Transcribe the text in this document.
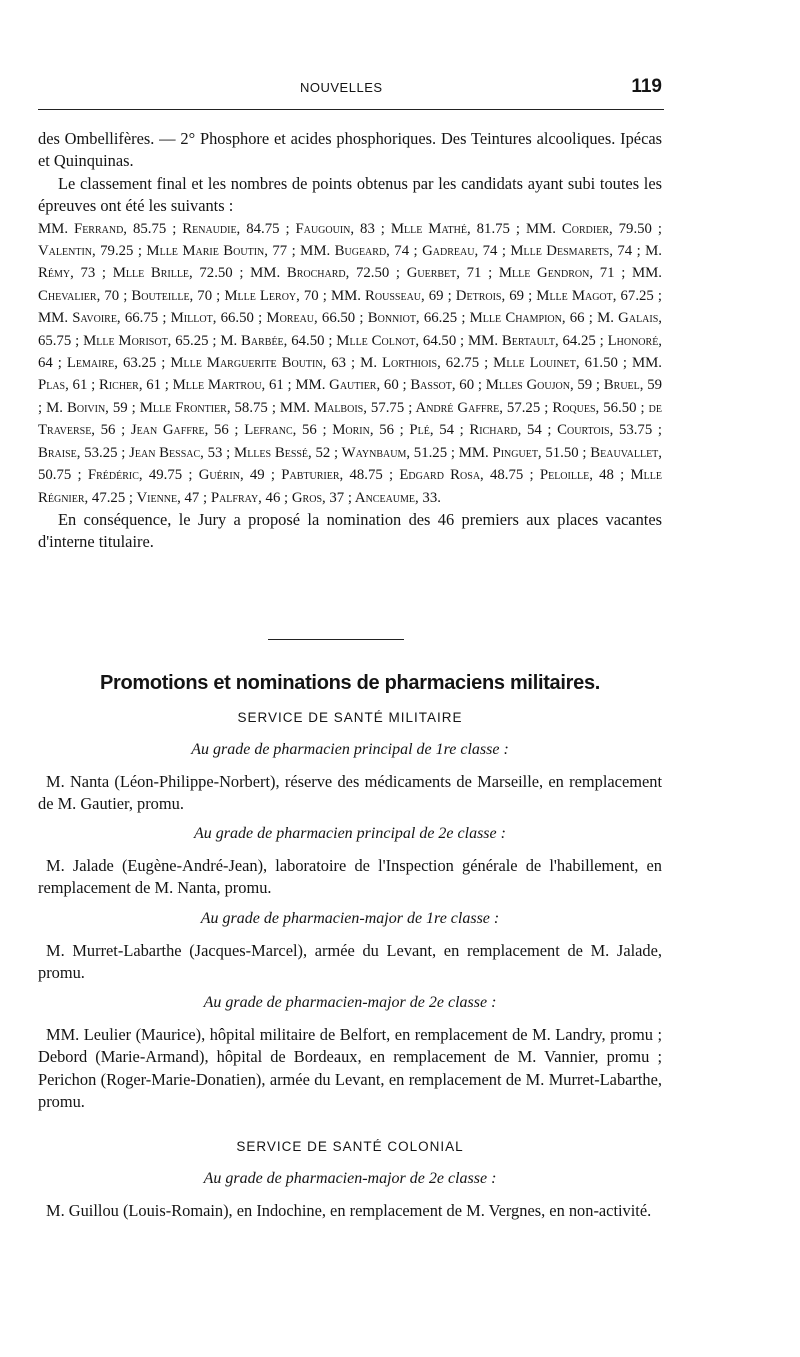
NOUVELLES	119

des Ombellifères. — 2° Phosphore et acides phosphoriques. Des Teintures alcooliques. Ipécas et Quinquinas.

Le classement final et les nombres de points obtenus par les candidats ayant subi toutes les épreuves ont été les suivants :

MM. Ferrand, 85.75 ; Renaudie, 84.75 ; Faugouin, 83 ; Mlle Mathé, 81.75 ; MM. Cordier, 79.50 ; Valentin, 79.25 ; Mlle Marie Boutin, 77 ; MM. Bugeard, 74 ; Gadreau, 74 ; Mlle Desmarets, 74 ; M. Rémy, 73 ; Mlle Brille, 72.50 ; MM. Brochard, 72.50 ; Guerbet, 71 ; Mlle Gendron, 71 ; MM. Chevalier, 70 ; Bouteille, 70 ; Mlle Leroy, 70 ; MM. Rousseau, 69 ; Detrois, 69 ; Mlle Magot, 67.25 ; MM. Savoire, 66.75 ; Millot, 66.50 ; Moreau, 66.50 ; Bonniot, 66.25 ; Mlle Champion, 66 ; M. Galais, 65.75 ; Mlle Morisot, 65.25 ; M. Barbée, 64.50 ; Mlle Colnot, 64.50 ; MM. Bertault, 64.25 ; Lhonoré, 64 ; Lemaire, 63.25 ; Mlle Marguerite Boutin, 63 ; M. Lorthiois, 62.75 ; Mlle Louinet, 61.50 ; MM. Plas, 61 ; Richer, 61 ; Mlle Martrou, 61 ; MM. Gautier, 60 ; Bassot, 60 ; Mlles Goujon, 59 ; Bruel, 59 ; M. Boivin, 59 ; Mlle Frontier, 58.75 ; MM. Malbois, 57.75 ; André Gaffre, 57.25 ; Roques, 56.50 ; de Traverse, 56 ; Jean Gaffre, 56 ; Lefranc, 56 ; Morin, 56 ; Plé, 54 ; Richard, 54 ; Courtois, 53.75 ; Braise, 53.25 ; Jean Bessac, 53 ; Mlles Bessé, 52 ; Waynbaum, 51.25 ; MM. Pinguet, 51.50 ; Beauvallet, 50.75 ; Frédéric, 49.75 ; Guérin, 49 ; Pabturier, 48.75 ; Edgard Rosa, 48.75 ; Peloille, 48 ; Mlle Régnier, 47.25 ; Vienne, 47 ; Palfray, 46 ; Gros, 37 ; Anceaume, 33.

En conséquence, le Jury a proposé la nomination des 46 premiers aux places vacantes d'interne titulaire.

Promotions et nominations de pharmaciens militaires.
SERVICE DE SANTÉ MILITAIRE
Au grade de pharmacien principal de 1re classe :

M. Nanta (Léon-Philippe-Norbert), réserve des médicaments de Marseille, en remplacement de M. Gautier, promu.

Au grade de pharmacien principal de 2e classe :

M. Jalade (Eugène-André-Jean), laboratoire de l'Inspection générale de l'habillement, en remplacement de M. Nanta, promu.

Au grade de pharmacien-major de 1re classe :

M. Murret-Labarthe (Jacques-Marcel), armée du Levant, en remplacement de M. Jalade, promu.

Au grade de pharmacien-major de 2e classe :

MM. Leulier (Maurice), hôpital militaire de Belfort, en remplacement de M. Landry, promu ; Debord (Marie-Armand), hôpital de Bordeaux, en remplacement de M. Vannier, promu ; Perichon (Roger-Marie-Donatien), armée du Levant, en remplacement de M. Murret-Labarthe, promu.

SERVICE DE SANTÉ COLONIAL
Au grade de pharmacien-major de 2e classe :

M. Guillou (Louis-Romain), en Indochine, en remplacement de M. Vergnes, en non-activité.
